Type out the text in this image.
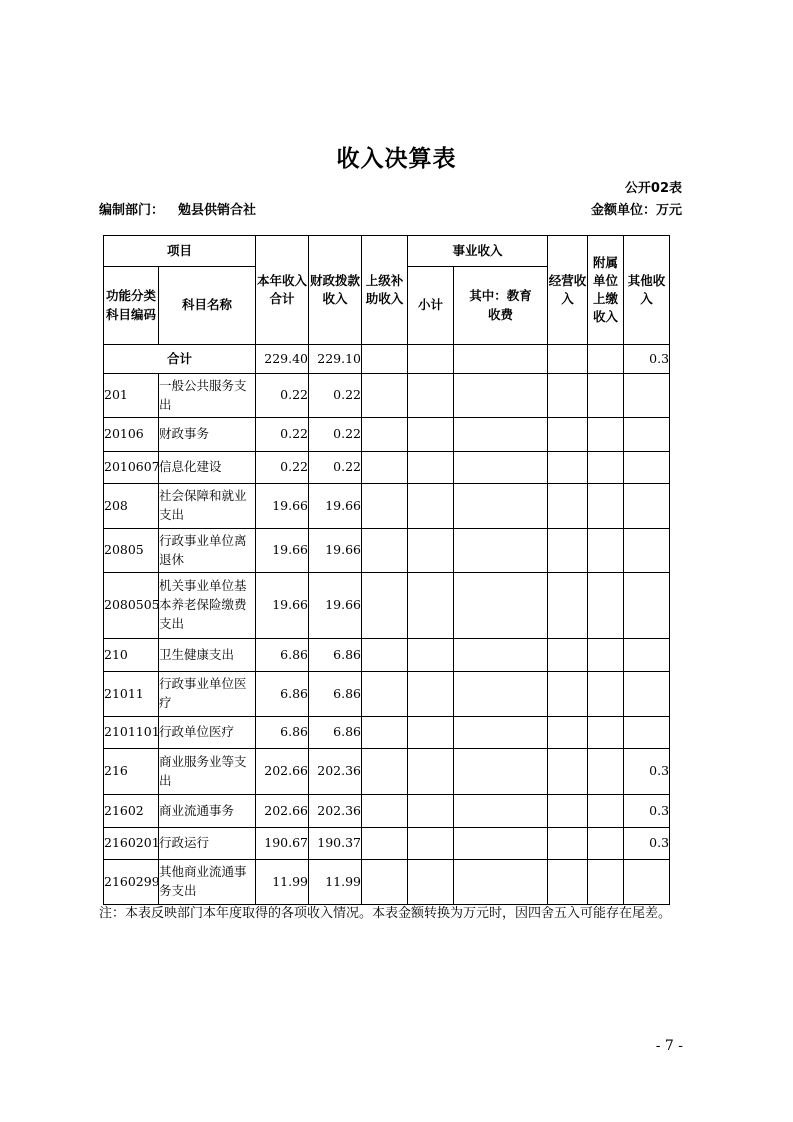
收入决算表
公开02表
编制部门： 勉县供销合社	金额单位：万元
项目		本年收入合计	财政拨款收入	上级补助收入	事业收入		经营收入	附属单位上缴收入	其他收入
功能分类科目编码	科目名称				小计	其中：教育
收费			

合计		229.40	229.10						0.3
201	一般公共服务支出	0.22	0.22						
20106	财政事务	0.22	0.22						
2010607	信息化建设	0.22	0.22						
208	社会保障和就业支出	19.66	19.66						
20805	行政事业单位离退休	19.66	19.66						
2080505	机关事业单位基本养老保险缴费支出	19.66	19.66						
210	卫生健康支出	6.86	6.86						
21011	行政事业单位医疗	6.86	6.86						
2101101	行政单位医疗	6.86	6.86						
216	商业服务业等支出	202.66	202.36						0.3
21602	商业流通事务	202.66	202.36						0.3
2160201	行政运行	190.67	190.37						0.3
2160299	其他商业流通事务支出	11.99	11.99						
注：本表反映部门本年度取得的各项收入情况。本表金额转换为万元时，因四舍五入可能存在尾差。
- 7 -
